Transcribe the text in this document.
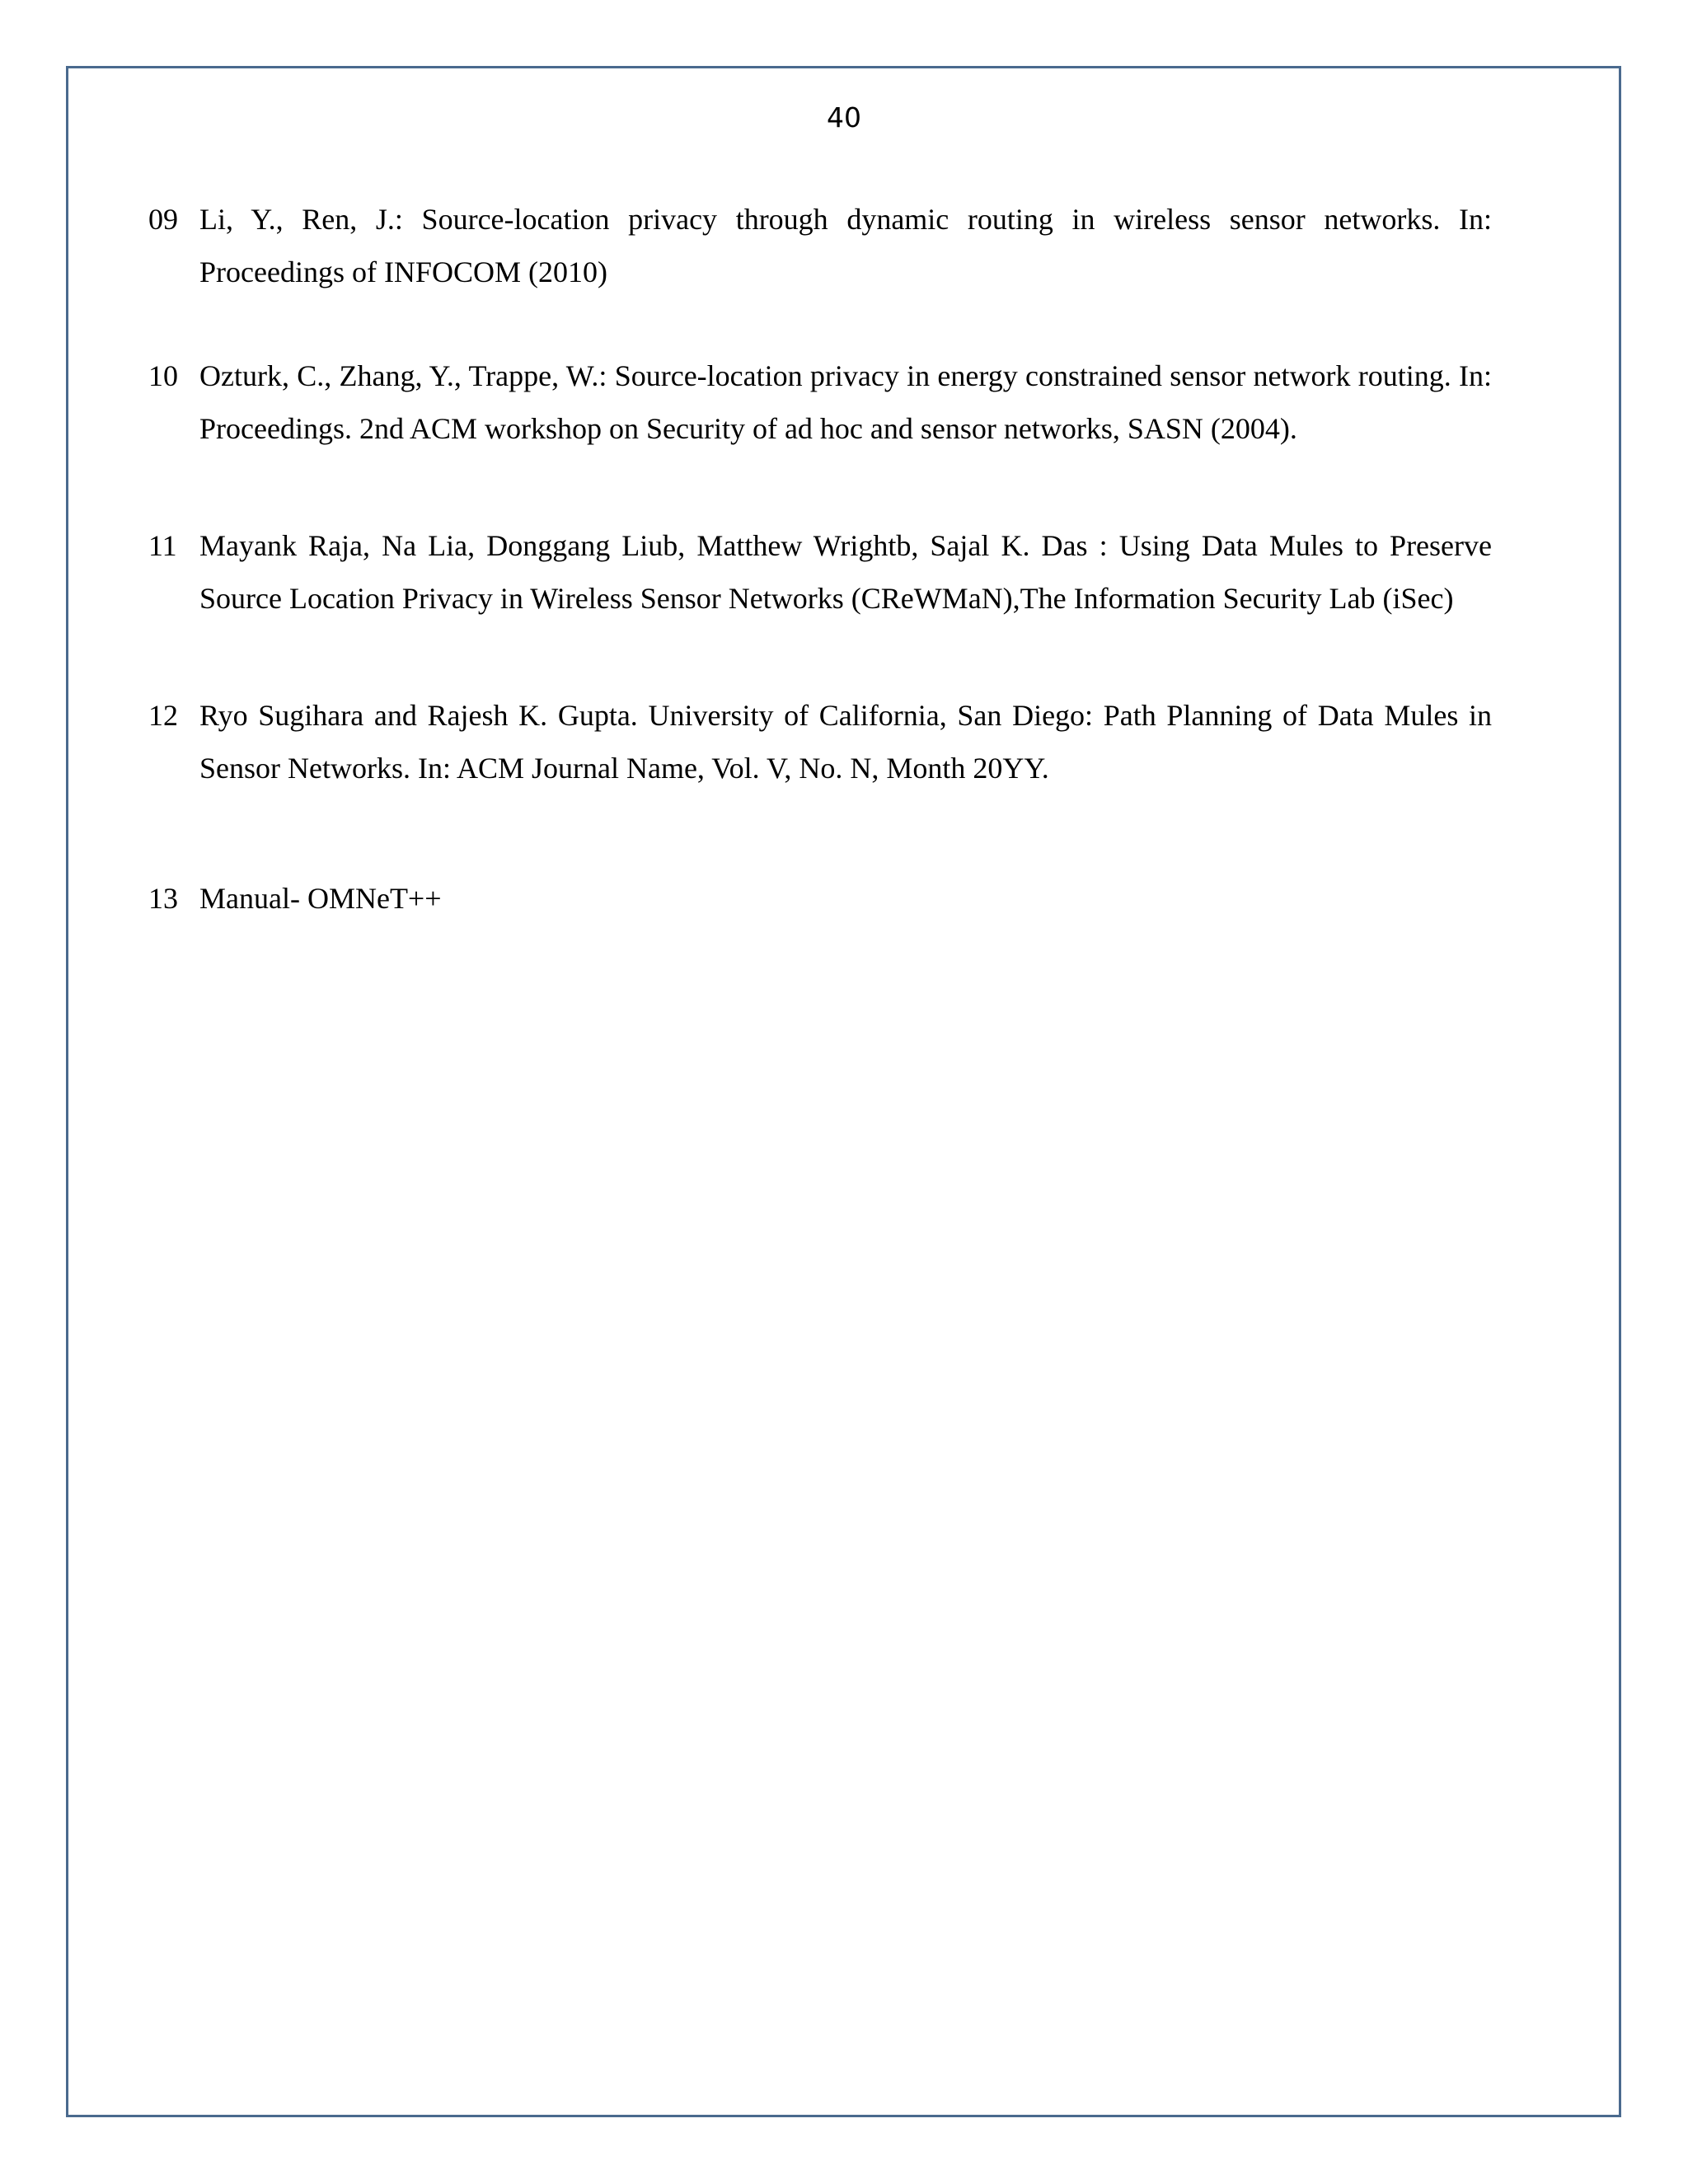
40
09 Li, Y., Ren, J.: Source-location privacy through dynamic routing in wireless sensor networks. In: Proceedings of INFOCOM (2010)
10 Ozturk, C., Zhang, Y., Trappe, W.: Source-location privacy in energy constrained sensor network routing. In: Proceedings. 2nd ACM workshop on Security of ad hoc and sensor networks, SASN (2004).
11 Mayank Raja, Na Lia, Donggang Liub, Matthew Wrightb, Sajal K. Das : Using Data Mules to Preserve Source Location Privacy in Wireless Sensor Networks (CReWMaN),The Information Security Lab (iSec)
12 Ryo Sugihara and Rajesh K. Gupta. University of California, San Diego: Path Planning of Data Mules in Sensor Networks. In: ACM Journal Name, Vol. V, No. N, Month 20YY.
13 Manual- OMNeT++
